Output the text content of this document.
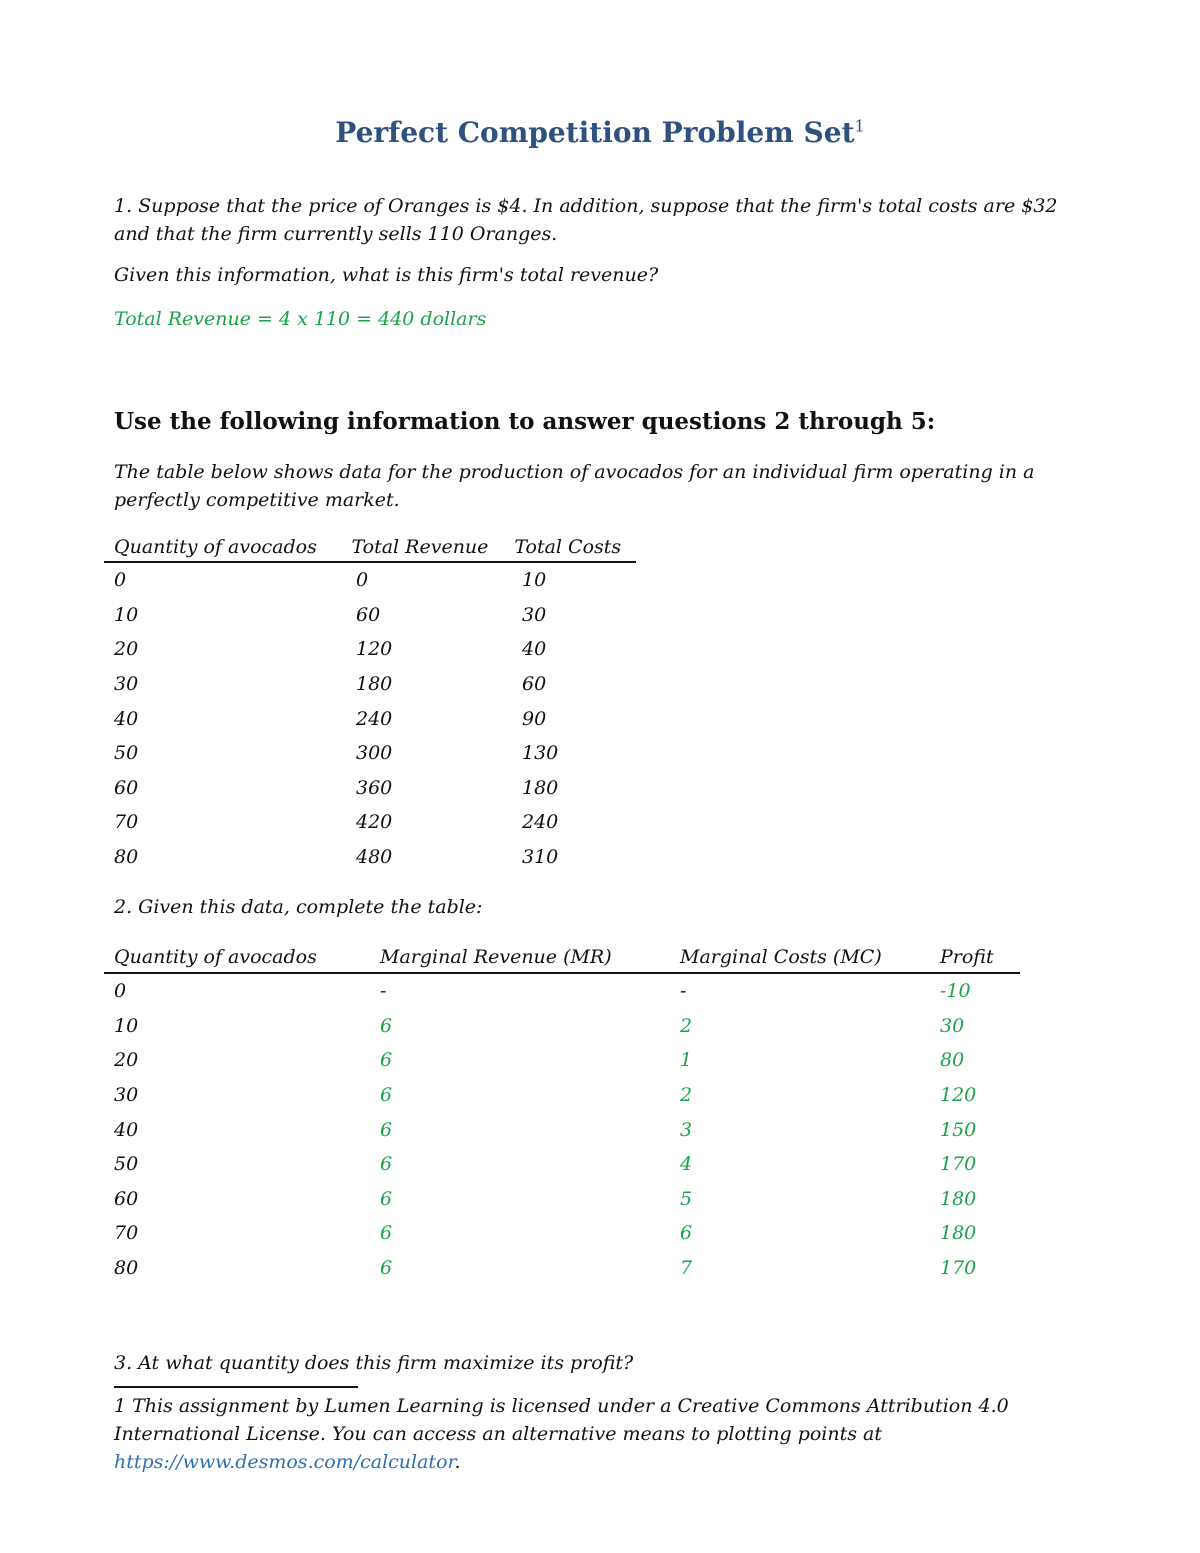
Perfect Competition Problem Set$^1$
1. Suppose that the price of Oranges is $4. In addition, suppose that the firm's total costs are $32 and that the firm currently sells 110 Oranges.
Given this information, what is this firm's total revenue?
Total Revenue = 4 x 110 = 440 dollars
Use the following information to answer questions 2 through 5:
The table below shows data for the production of avocados for an individual firm operating in a perfectly competitive market.
Quantity of avocados	Total Revenue	Total Costs
0	0	10
10	60	30
20	120	40
30	180	60
40	240	90
50	300	130
60	360	180
70	420	240
80	480	310
2. Given this data, complete the table:
Quantity of avocados	Marginal Revenue (MR)	Marginal Costs (MC)	Profit
0	-	-	-10
10	6	2	30
20	6	1	80
30	6	2	120
40	6	3	150
50	6	4	170
60	6	5	180
70	6	6	180
80	6	7	170
3. At what quantity does this firm maximize its profit?
1 This assignment by Lumen Learning is licensed under a Creative Commons Attribution 4.0 International License. You can access an alternative means to plotting points at https://www.desmos.com/calculator.
